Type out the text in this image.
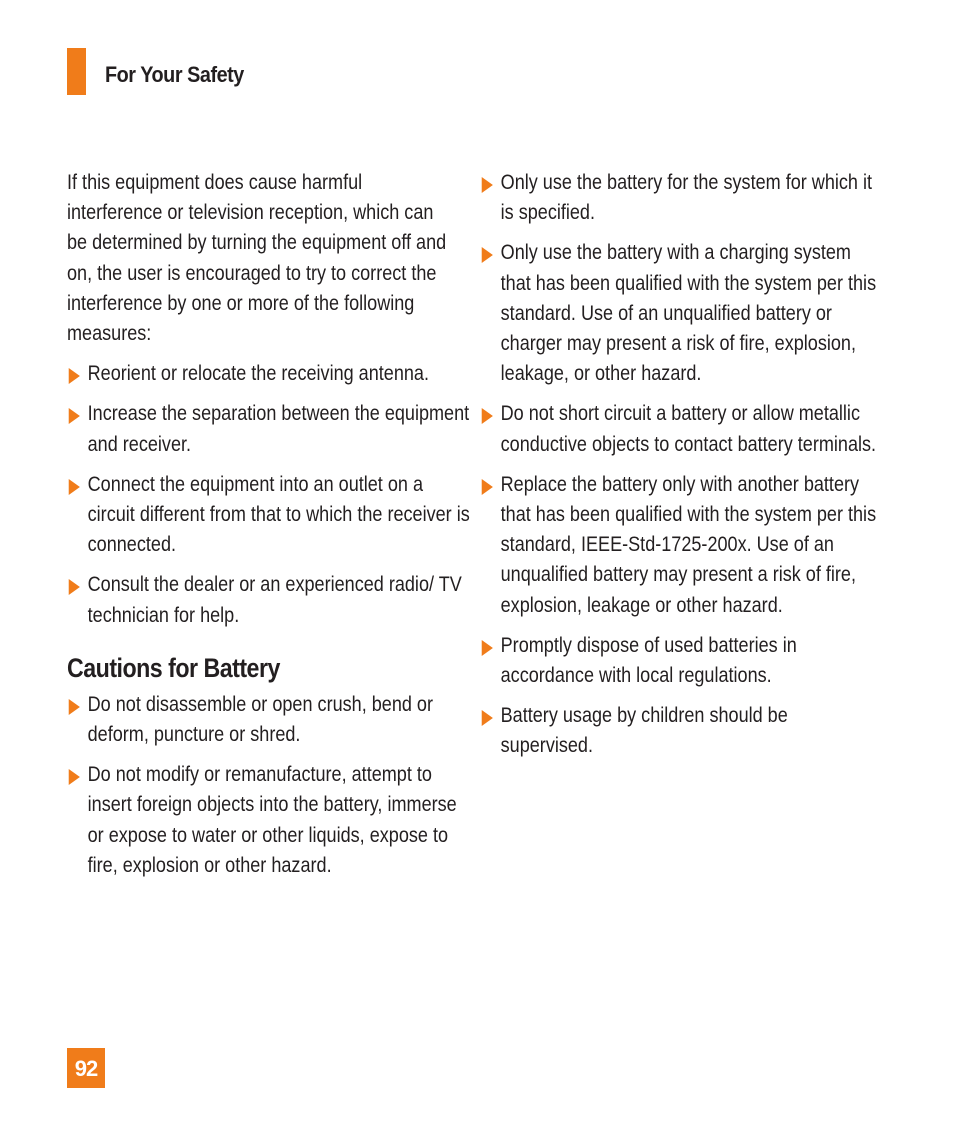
For Your Safety

If this equipment does cause harmful interference or television reception, which can be determined by turning the equipment off and on, the user is encouraged to try to correct the interference by one or more of the following measures:

Reorient or relocate the receiving antenna.
Increase the separation between the equipment and receiver.
Connect the equipment into an outlet on a circuit different from that to which the receiver is connected.
Consult the dealer or an experienced radio/ TV technician for help.
Cautions for Battery
Do not disassemble or open crush, bend or deform, puncture or shred.
Do not modify or remanufacture, attempt to insert foreign objects into the battery, immerse or expose to water or other liquids, expose to fire, explosion or other hazard.
Only use the battery for the system for which it is specified.
Only use the battery with a charging system that has been qualified with the system per this standard. Use of an unqualified battery or charger may present a risk of fire, explosion, leakage, or other hazard.
Do not short circuit a battery or allow metallic conductive objects to contact battery terminals.
Replace the battery only with another battery that has been qualified with the system per this standard, IEEE-Std-1725-200x. Use of an unqualified battery may present a risk of fire, explosion, leakage or other hazard.
Promptly dispose of used batteries in accordance with local regulations.
Battery usage by children should be supervised.
92
